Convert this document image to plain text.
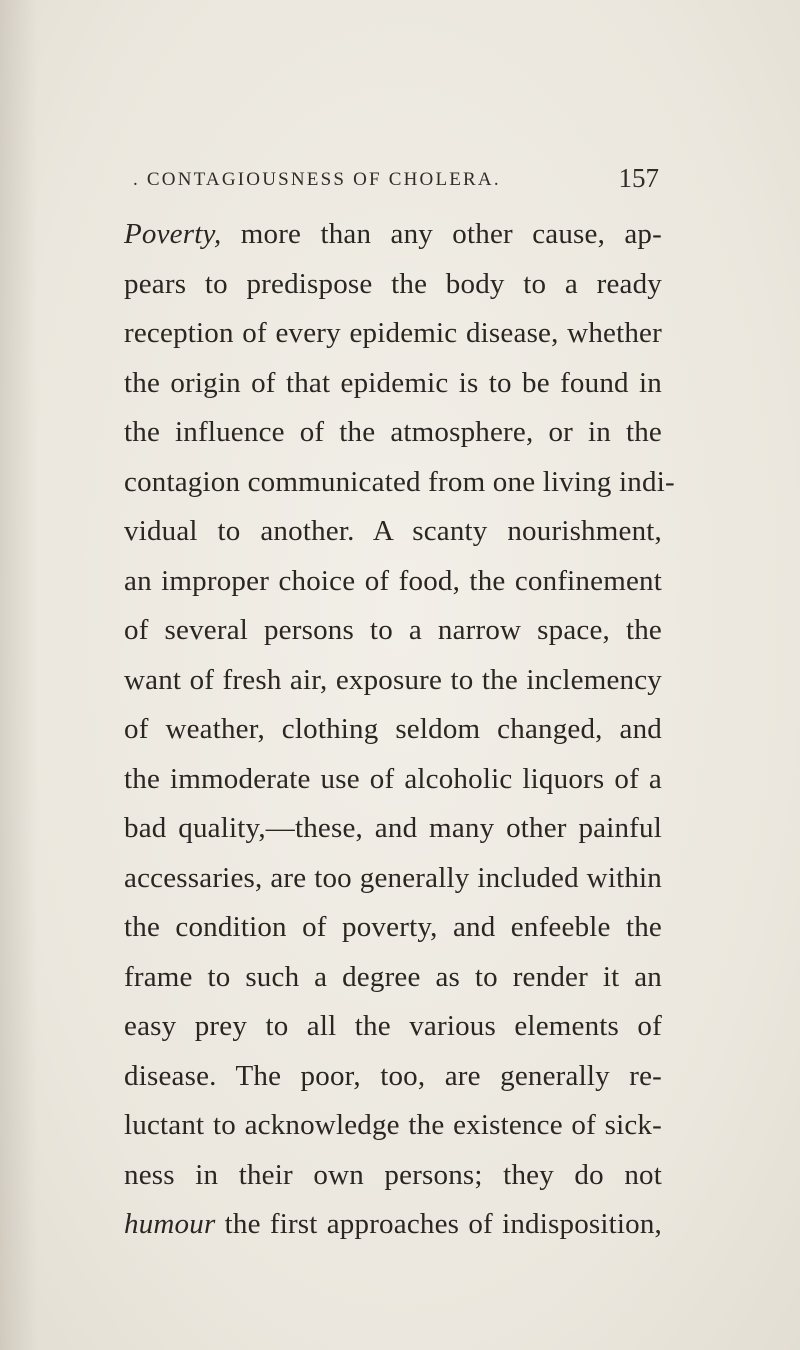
. CONTAGIOUSNESS OF CHOLERA.	157
Poverty, more than any other cause, ap-
pears to predispose the body to a ready
reception of every epidemic disease, whether
the origin of that epidemic is to be found in
the influence of the atmosphere, or in the
contagion communicated from one living indi-
vidual to another. A scanty nourishment,
an improper choice of food, the confinement
of several persons to a narrow space, the
want of fresh air, exposure to the inclemency
of weather, clothing seldom changed, and
the immoderate use of alcoholic liquors of a
bad quality,—these, and many other painful
accessaries, are too generally included within
the condition of poverty, and enfeeble the
frame to such a degree as to render it an
easy prey to all the various elements of
disease. The poor, too, are generally re-
luctant to acknowledge the existence of sick-
ness in their own persons; they do not
humour the first approaches of indisposition,
